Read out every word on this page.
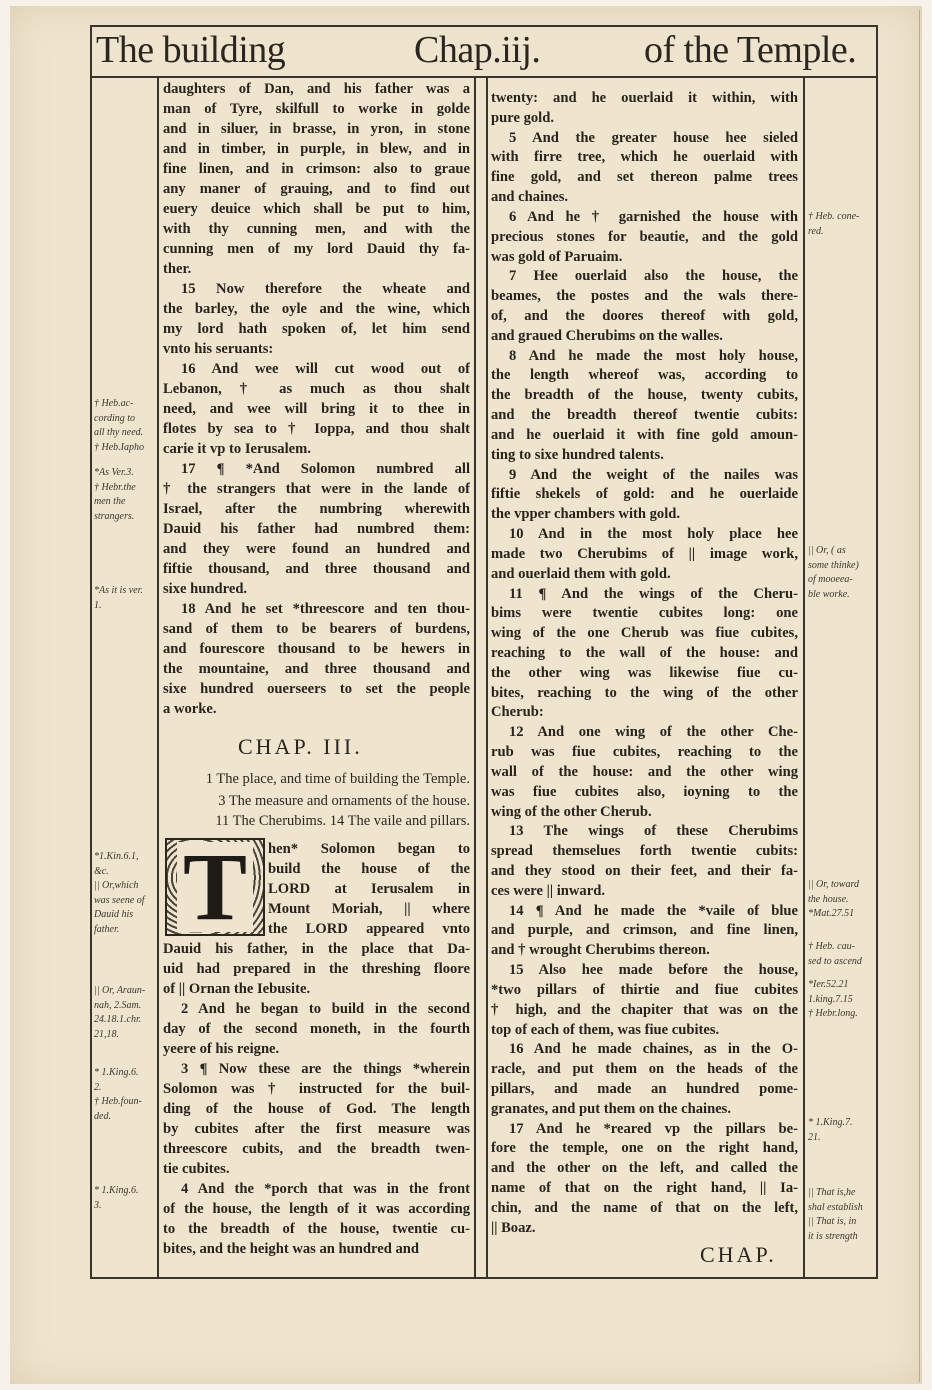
The building	Chap.iij.	of the Temple.
CHAP. III.
1 The place, and time of building the Temple.
3 The measure and ornaments of the house.
11 The Cherubims. 14 The vaile and pillars.
T
CHAP.
daughters of Dan, and his father was a
man of Tyre, skilfull to worke in golde
and in siluer, in brasse, in yron, in stone
and in timber, in purple, in blew, and in
fine linen, and in crimson: also to graue
any maner of grauing, and to find out
euery deuice which shall be put to him,
with thy cunning men, and with the
cunning men of my lord Dauid thy fa-
ther.
15 Now therefore the wheate and
the barley, the oyle and the wine, which
my lord hath spoken of, let him send
vnto his seruants:
16 And wee will cut wood out of
Lebanon, † as much as thou shalt
need, and wee will bring it to thee in
flotes by sea to † Ioppa, and thou shalt
carie it vp to Ierusalem.
17 ¶ *And Solomon numbred all
† the strangers that were in the lande of
Israel, after the numbring wherewith
Dauid his father had numbred them:
and they were found an hundred and
fiftie thousand, and three thousand and
sixe hundred.
18 And he set *threescore and ten thou-
sand of them to be bearers of burdens,
and fourescore thousand to be hewers in
the mountaine, and three thousand and
sixe hundred ouerseers to set the people
a worke.
hen* Solomon began to
build the house of the
LORD at Ierusalem in
Mount Moriah, || where
the LORD appeared vnto
Dauid his father, in the place that Da-
uid had prepared in the threshing floore
of || Ornan the Iebusite.
2 And he began to build in the second
day of the second moneth, in the fourth
yeere of his reigne.
3 ¶ Now these are the things *wherein
Solomon was † instructed for the buil-
ding of the house of God. The length
by cubites after the first measure was
threescore cubits, and the breadth twen-
tie cubites.
4 And the *porch that was in the front
of the house, the length of it was according
to the breadth of the house, twentie cu-
bites, and the height was an hundred and
twenty: and he ouerlaid it within, with
pure gold.
5 And the greater house hee sieled
with firre tree, which he ouerlaid with
fine gold, and set thereon palme trees
and chaines.
6 And he † garnished the house with
precious stones for beautie, and the gold
was gold of Paruaim.
7 Hee ouerlaid also the house, the
beames, the postes and the wals there-
of, and the doores thereof with gold,
and graued Cherubims on the walles.
8 And he made the most holy house,
the length whereof was, according to
the breadth of the house, twenty cubits,
and the breadth thereof twentie cubits:
and he ouerlaid it with fine gold amoun-
ting to sixe hundred talents.
9 And the weight of the nailes was
fiftie shekels of gold: and he ouerlaide
the vpper chambers with gold.
10 And in the most holy place hee
made two Cherubims of || image work,
and ouerlaid them with gold.
11 ¶ And the wings of the Cheru-
bims were twentie cubites long: one
wing of the one Cherub was fiue cubites,
reaching to the wall of the house: and
the other wing was likewise fiue cu-
bites, reaching to the wing of the other
Cherub:
12 And one wing of the other Che-
rub was fiue cubites, reaching to the
wall of the house: and the other wing
was fiue cubites also, ioyning to the
wing of the other Cherub.
13 The wings of these Cherubims
spread themselues forth twentie cubits:
and they stood on their feet, and their fa-
ces were || inward.
14 ¶ And he made the *vaile of blue
and purple, and crimson, and fine linen,
and † wrought Cherubims thereon.
15 Also hee made before the house,
*two pillars of thirtie and fiue cubites
† high, and the chapiter that was on the
top of each of them, was fiue cubites.
16 And he made chaines, as in the O-
racle, and put them on the heads of the
pillars, and made an hundred pome-
granates, and put them on the chaines.
17 And he *reared vp the pillars be-
fore the temple, one on the right hand,
and the other on the left, and called the
name of that on the right hand, || Ia-
chin, and the name of that on the left,
|| Boaz.
† Heb.ac-
cording to
all thy need.
† Heb.Iapho
*As Ver.3.
† Hebr.the
men the
strangers.
*As it is ver.
1.
*1.Kin.6.1,
&c.
|| Or,which
was seene of
Dauid his
father.
|| Or, Araun-
nah, 2.Sam.
24.18.1.chr.
21,18.
* 1.King.6.
2.
† Heb.foun-
ded.
* 1.King.6.
3.
† Heb. cone-
red.
|| Or, ( as
some thinke)
of mooeea-
ble worke.
|| Or, toward
the house.
*Mat.27.51
† Heb. cau-
sed to ascend
*Ier.52.21
1.king.7.15
† Hebr.long.
* 1.King.7.
21.
|| That is,he
shal establish
|| That is, in
it is strength
